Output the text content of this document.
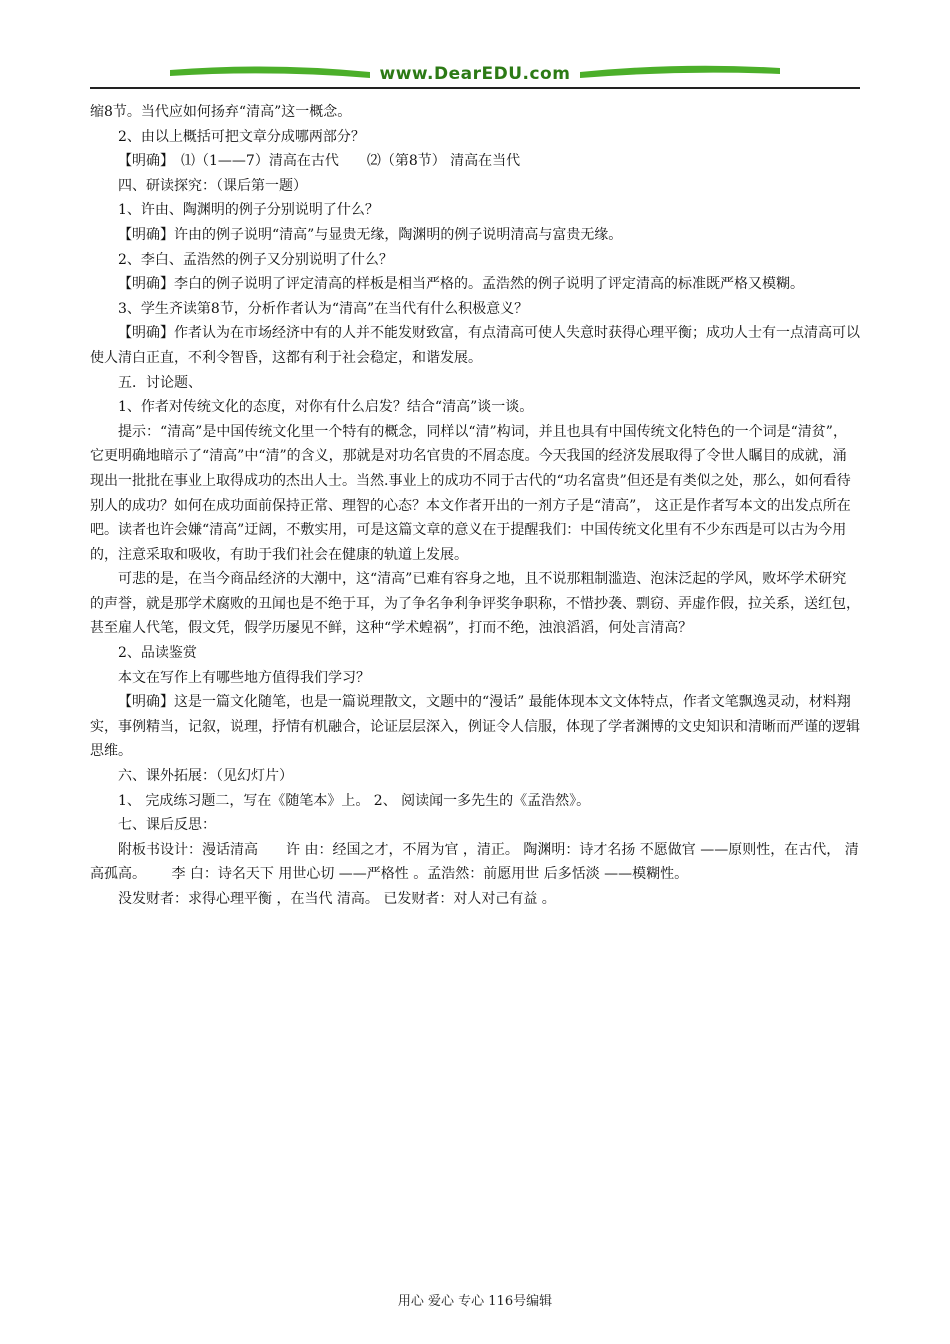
www.DearEDU.com

缩8节。当代应如何扬弃“清高”这一概念。

2、由以上概括可把文章分成哪两部分？

【明确】　⑴（1——7）清高在古代　　⑵（第8节） 清高在当代

四、研读探究：（课后第一题）

1、许由、陶渊明的例子分别说明了什么？

【明确】许由的例子说明“清高”与显贵无缘，陶渊明的例子说明清高与富贵无缘。

2、李白、孟浩然的例子又分别说明了什么？

【明确】李白的例子说明了评定清高的样板是相当严格的。孟浩然的例子说明了评定清高的标准既严格又模糊。

3、学生齐读第8节，分析作者认为“清高”在当代有什么积极意义？

【明确】作者认为在市场经济中有的人并不能发财致富，有点清高可使人失意时获得心理平衡；成功人士有一点清高可以使人清白正直，不利令智昏，这都有利于社会稳定，和谐发展。

五．讨论题、

1、作者对传统文化的态度，对你有什么启发？结合“清高”谈一谈。

提示：“清高”是中国传统文化里一个特有的概念，同样以“清”构词，并且也具有中国传统文化特色的一个词是“清贫”，它更明确地暗示了“清高”中“清”的含义，那就是对功名官贵的不屑态度。今天我国的经济发展取得了令世人瞩目的成就，涌现出一批批在事业上取得成功的杰出人士。当然.事业上的成功不同于古代的“功名富贵”但还是有类似之处，那么，如何看待别人的成功？如何在成功面前保持正常、理智的心态？本文作者开出的一剂方子是“清高”， 这正是作者写本文的出发点所在吧。读者也许会嫌“清高”迂阔，不敷实用，可是这篇文章的意义在于提醒我们：中国传统文化里有不少东西是可以古为今用的，注意采取和吸收，有助于我们社会在健康的轨道上发展。

可悲的是，在当今商品经济的大潮中，这“清高”已难有容身之地，且不说那粗制滥造、泡沫泛起的学风，败坏学术研究的声誉，就是那学术腐败的丑闻也是不绝于耳，为了争名争利争评奖争职称，不惜抄袭、剽窃、弄虚作假，拉关系，送红包，甚至雇人代笔，假文凭，假学历屡见不鲜，这种“学术蝗祸”，打而不绝，浊浪滔滔，何处言清高？

2、品读鉴赏

本文在写作上有哪些地方值得我们学习？

【明确】这是一篇文化随笔，也是一篇说理散文，文题中的“漫话” 最能体现本文文体特点，作者文笔飘逸灵动，材料翔实，事例精当，记叙，说理，抒情有机融合，论证层层深入，例证令人信服，体现了学者渊博的文史知识和清晰而严谨的逻辑思维。

六、课外拓展：（见幻灯片）

1、 完成练习题二，写在《随笔本》上。 2、 阅读闻一多先生的《孟浩然》。

七、课后反思：

附板书设计：漫话清高　　许 由：经国之才，不屑为官 ，清正。 陶渊明：诗才名扬 不愿做官 ——原则性，在古代， 清高孤高。　　 李 白：诗名天下 用世心切 ——严格性 。孟浩然：前愿用世 后多恬淡 ——模糊性。

没发财者：求得心理平衡 ，在当代 清高。 已发财者：对人对己有益 。

用心 爱心 专心 116号编辑
